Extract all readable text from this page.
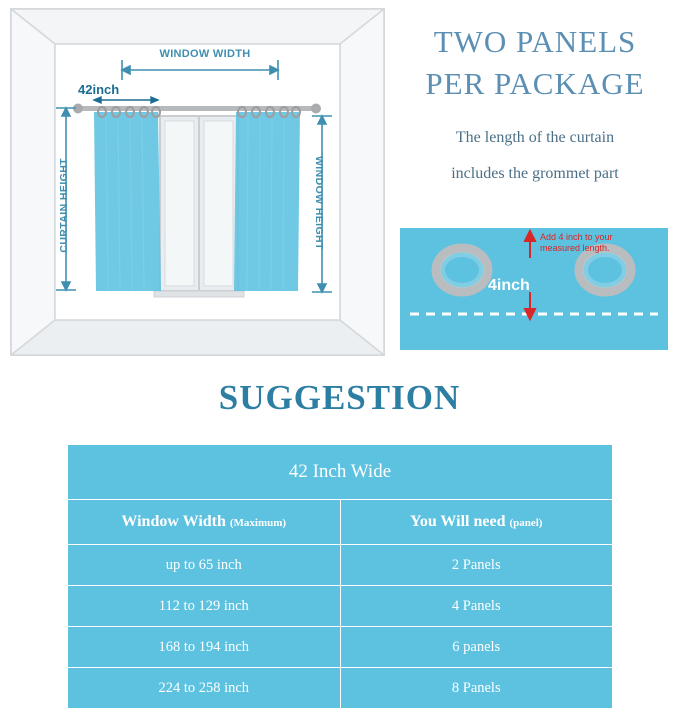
WINDOW WIDTH
42inch
CURTAIN HEIGHT	WINDOW HEIGHT
TWO PANELS
PER PACKAGE
The length of the curtain
includes the grommet part
Add 4 inch to your
measured length.
4inch
SUGGESTION
42 Inch Wide	
Window Width (Maximum)	You Will need (panel)
up to 65 inch	2 Panels
112 to 129 inch	4 Panels
168 to 194 inch	6 panels
224 to 258 inch	8 Panels
